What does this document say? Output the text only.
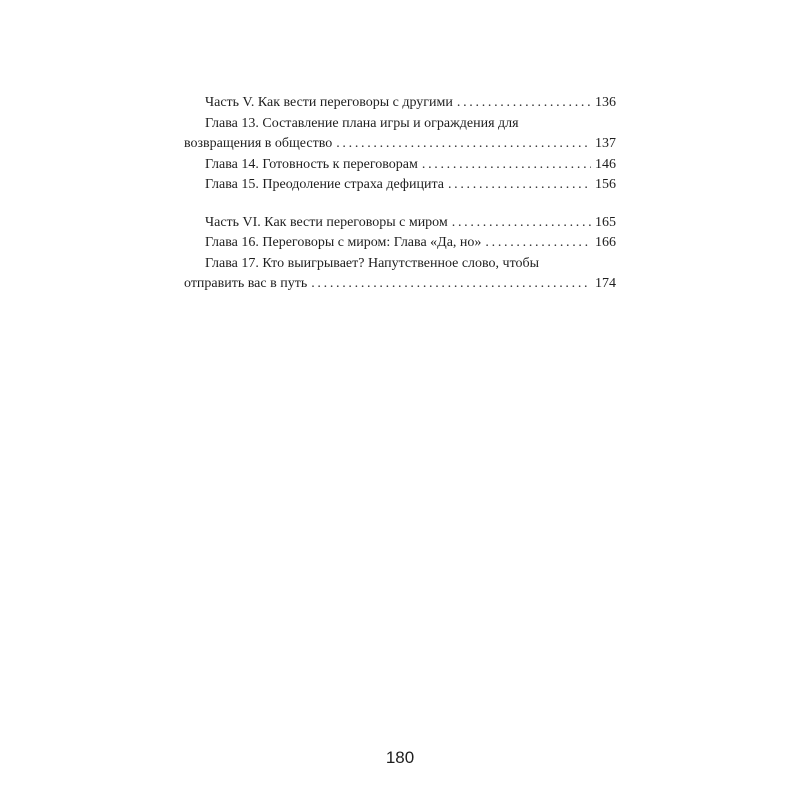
Часть V. Как вести переговоры с другими . . .	136
Глава 13. Составление плана игры и ограждения для
возвращения в общество . . .	137
Глава 14. Готовность к переговорам . . .	146
Глава 15. Преодоление страха дефицита . . .	156
Часть VI. Как вести переговоры с миром . . .	165
Глава 16. Переговоры с миром: Глава «Да, но» . . .	166
Глава 17. Кто выигрывает? Напутственное слово, чтобы
отправить вас в путь . . .	174
180
